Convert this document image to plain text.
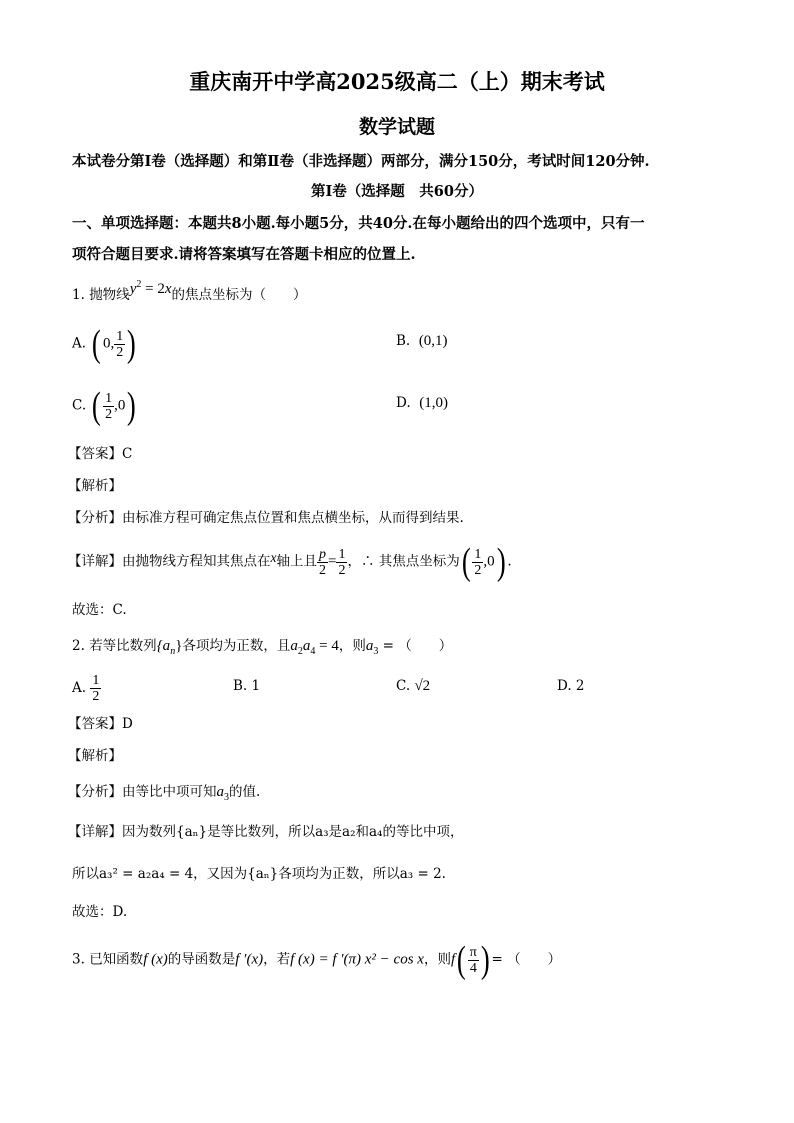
重庆南开中学高2025级高二（上）期末考试
数学试题
本试卷分第Ⅰ卷（选择题）和第Ⅱ卷（非选择题）两部分，满分150分，考试时间120分钟.
第Ⅰ卷（选择题　共60分）
一、单项选择题：本题共8小题.每小题5分，共40分.在每小题给出的四个选项中，只有一
项符合题目要求.请将答案填写在答题卡相应的位置上.
1. 抛物线$y^2 = 2x$的焦点坐标为（　　）
A. ( 0, $\frac{1}{2}$ )	B. (0,1)
C. ( $\frac{1}{2} ,0$)	D. (1,0)
【答案】C
【解析】
【分析】由标准方程可确定焦点位置和焦点横坐标，从而得到结果.
【详解】由抛物线方程知其焦点在x轴上且 $\frac{p}{2} = \frac{1}{2}$ ，∴ 其焦点坐标为( $\frac{1}{2} ,0$) .
故选：C.
2. 若等比数列$\{a_n\}$各项均为正数，且$a_2a_4 = 4$，则$a_3$ = （　　）
A. $\frac{1}{2}$	B. 1	C. √2	D. 2
【答案】D
【解析】
【分析】由等比中项可知$a_3$的值.
【详解】因为数列{aₙ}是等比数列，所以a₃是a₂和a₄的等比中项，
所以a₃² = a₂a₄ = 4，又因为{aₙ}各项均为正数，所以a₃ = 2.
故选：D.
3. 已知函数f (x)的导函数是f ′(x)，若f (x) = f ′(π) x² − cos x，则$f( \frac{\pi}{4}$ ) = （　　）
